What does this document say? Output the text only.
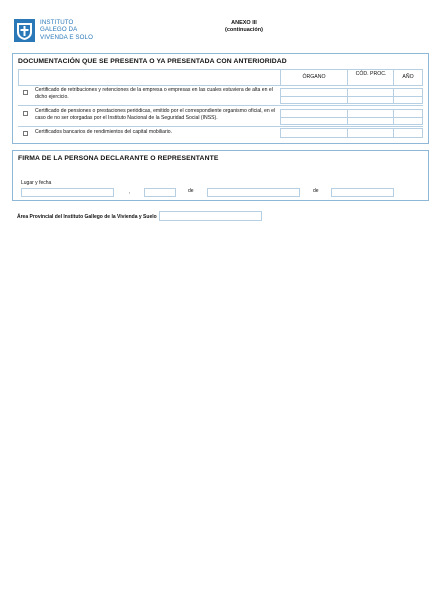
INSTITUTO
GALEGO DA
VIVENDA E SOLO
ANEXO III
(continuación)
DOCUMENTACIÓN QUE SE PRESENTA O YA PRESENTADA CON ANTERIORIDAD
ÓRGANO	CÓD. PROC.	AÑO
Certificado de retribuciones y retenciones de la empresa o empresas en las cuales estuviera de alta en el dicho ejercicio.
Certificado de pensiones o prestaciones periódicas, emitido por el correspondiente organismo oficial, en el caso de no ser otorgadas por el Instituto Nacional de la Seguridad Social (INSS).
Certificados bancarios de rendimientos del capital mobiliario.
FIRMA DE LA PERSONA DECLARANTE O REPRESENTANTE
Lugar y fecha
,	de	de
Área Provincial del Instituto Gallego de la Vivienda y Suelo
